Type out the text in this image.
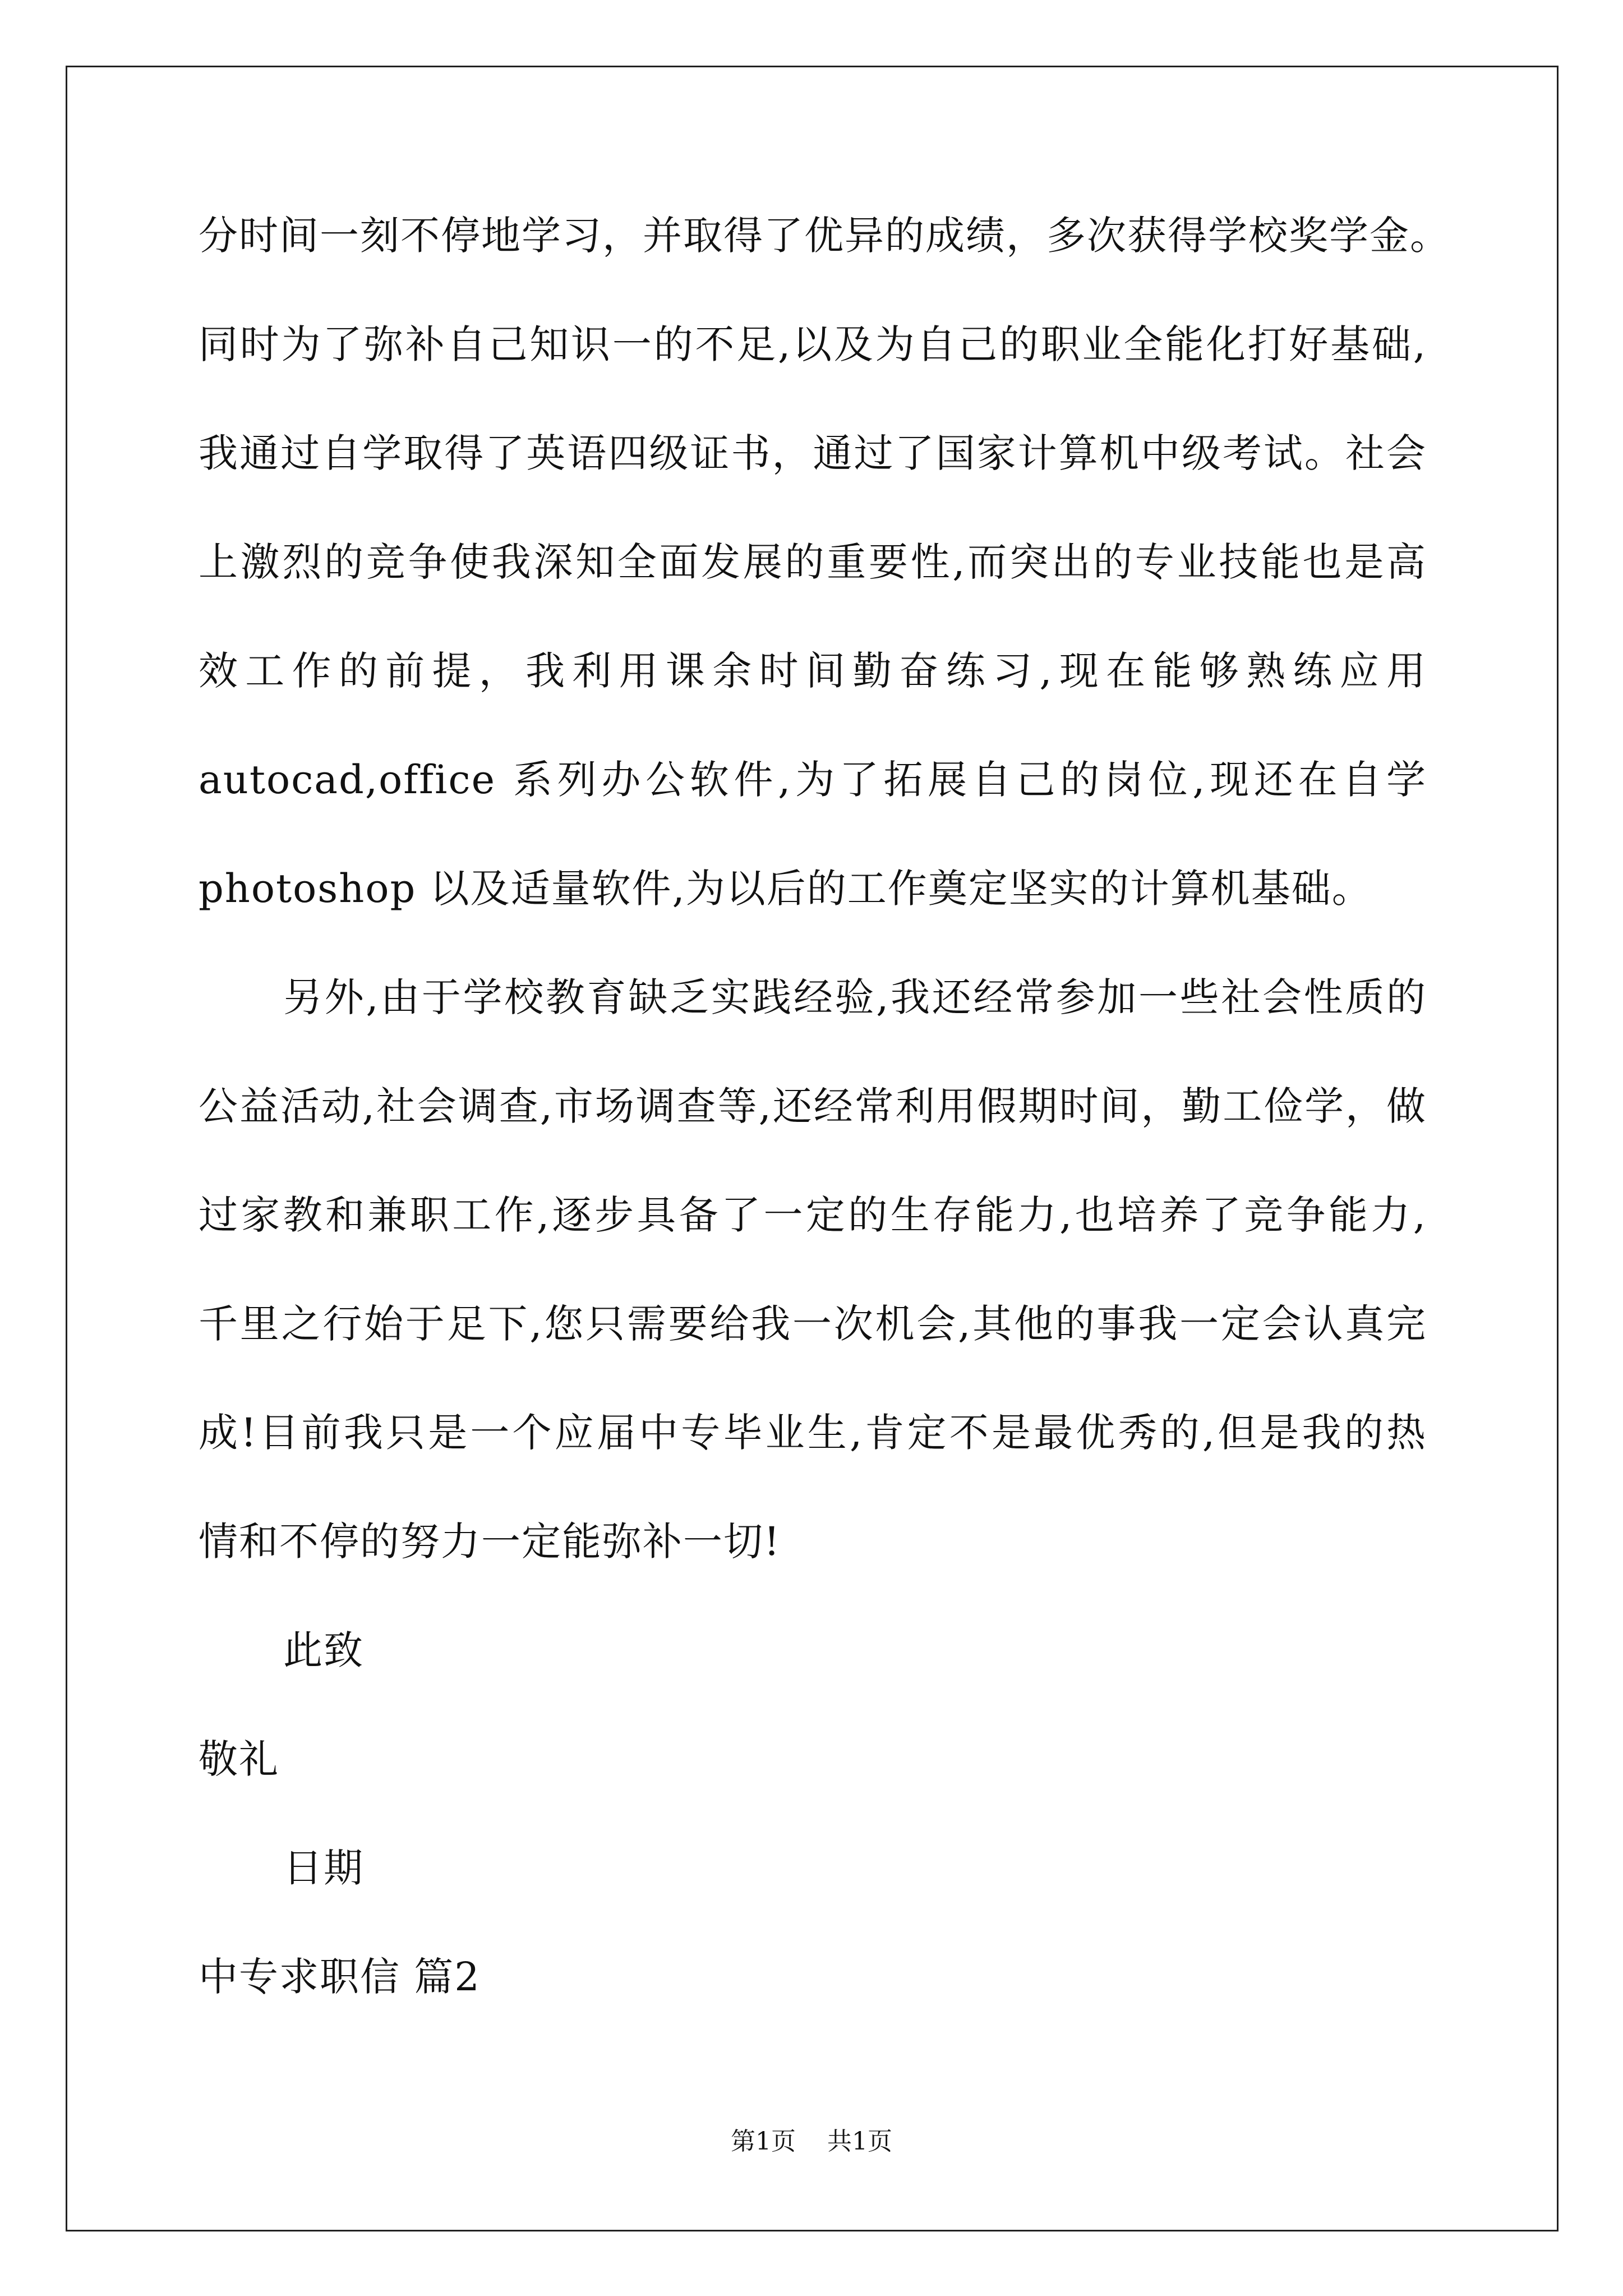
分时间一刻不停地学习，并取得了优异的成绩，多次获得学校奖学金。
同时为了弥补自己知识一的不足,以及为自己的职业全能化打好基础,
我通过自学取得了英语四级证书，通过了国家计算机中级考试。社会
上激烈的竞争使我深知全面发展的重要性,而突出的专业技能也是高
效工作的前提，我利用课余时间勤奋练习,现在能够熟练应用
autocad,office 系列办公软件,为了拓展自己的岗位,现还在自学
photoshop 以及适量软件,为以后的工作奠定坚实的计算机基础。
另外,由于学校教育缺乏实践经验,我还经常参加一些社会性质的
公益活动,社会调查,市场调查等,还经常利用假期时间，勤工俭学，做
过家教和兼职工作,逐步具备了一定的生存能力,也培养了竞争能力,
千里之行始于足下,您只需要给我一次机会,其他的事我一定会认真完
成!目前我只是一个应届中专毕业生,肯定不是最优秀的,但是我的热
情和不停的努力一定能弥补一切!
此致
敬礼
日期
中专求职信 篇2
第1页 共1页
